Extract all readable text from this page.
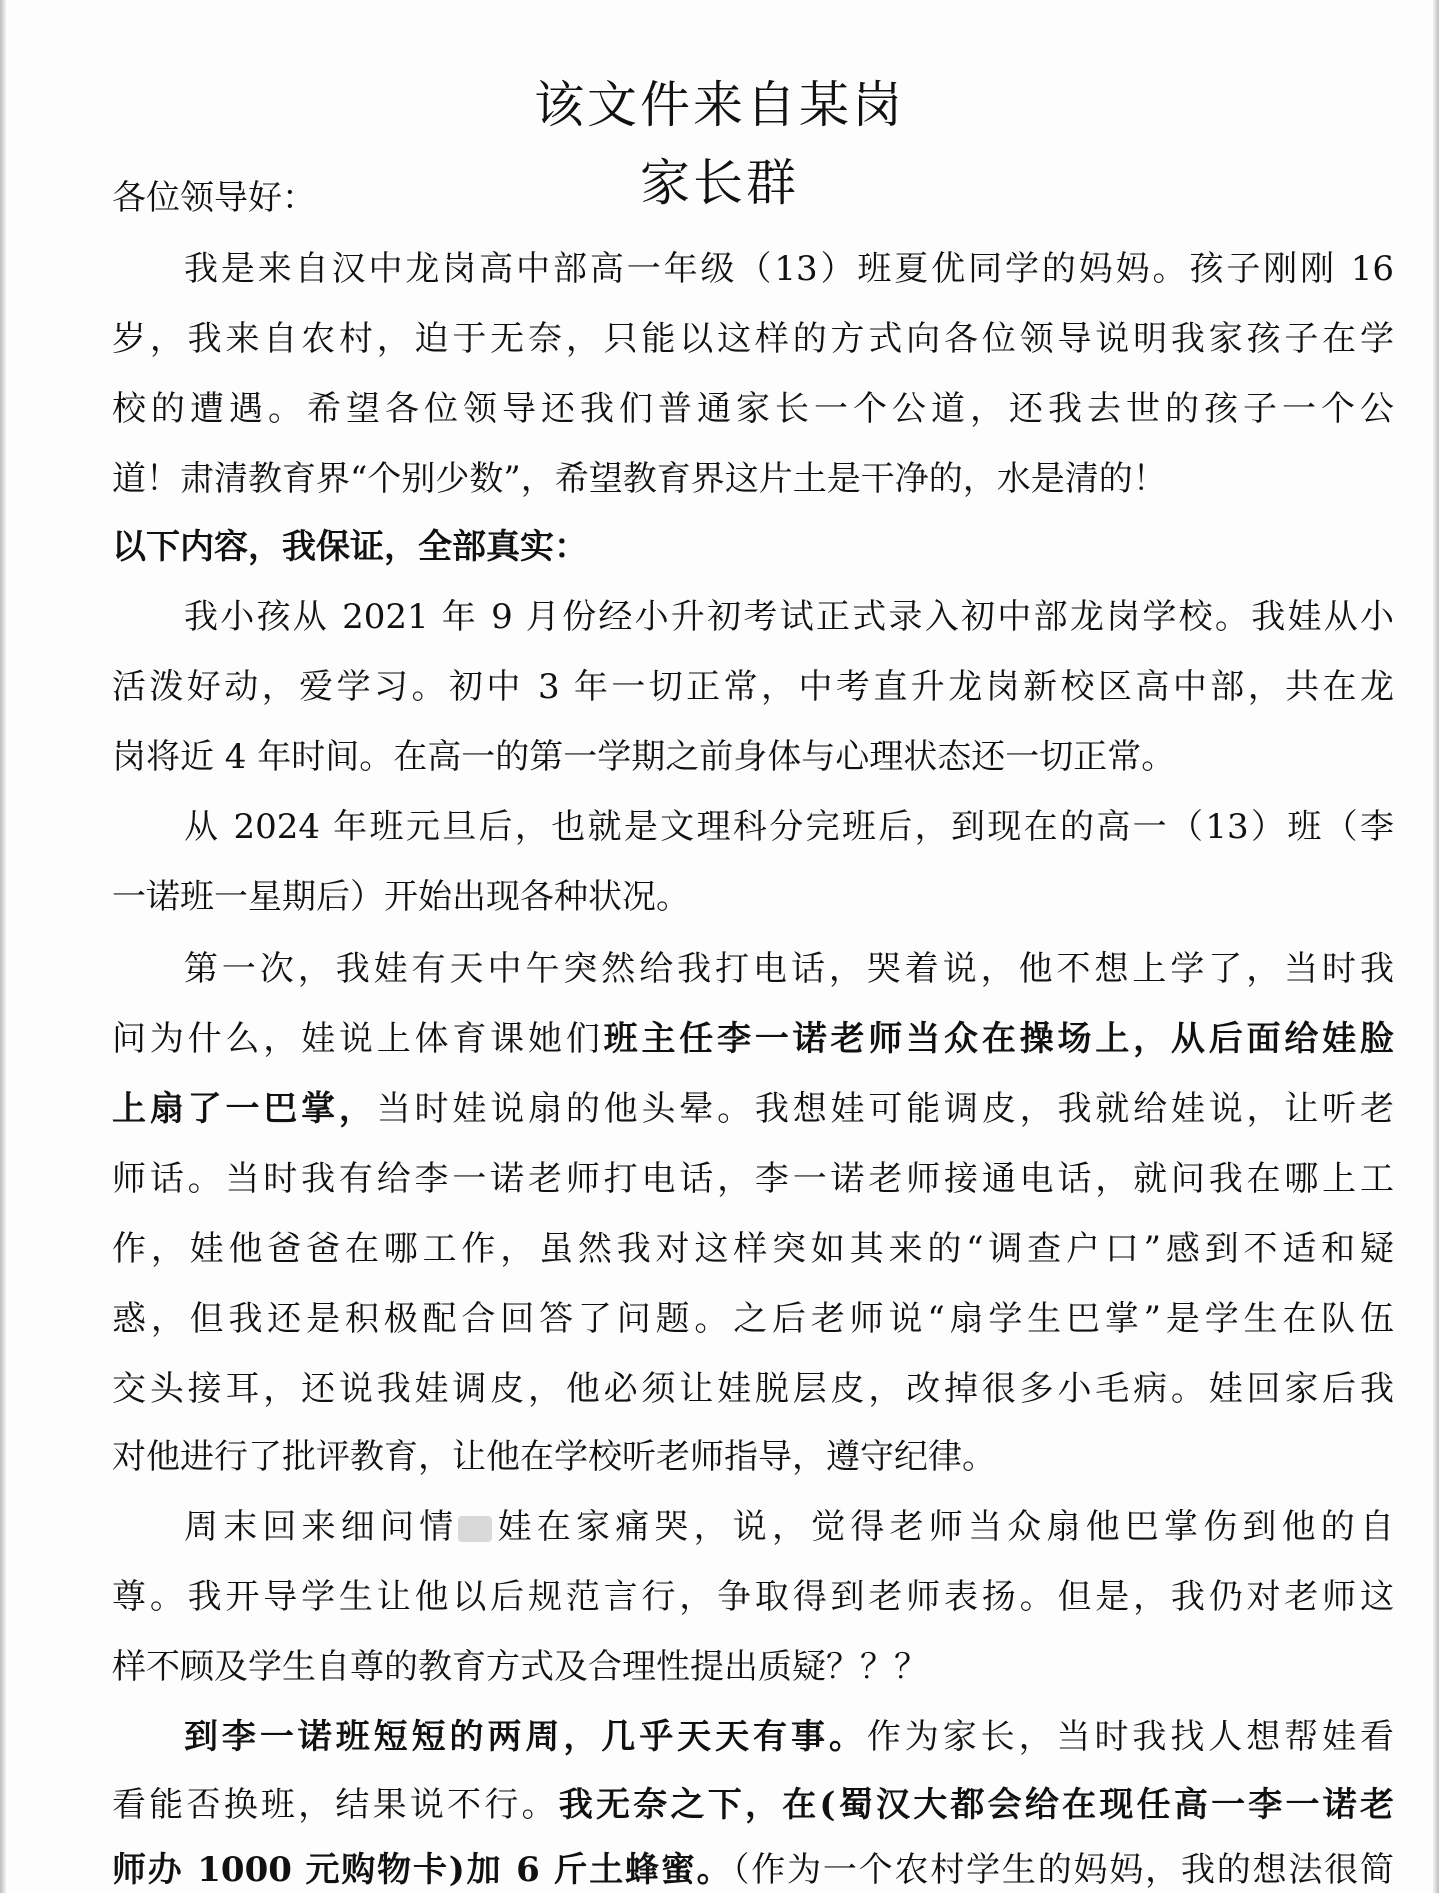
该文件来自某岗
家长群
各位领导好：
我是来自汉中龙岗高中部高一年级（13）班夏优同学的妈妈。孩子刚刚 16
岁，我来自农村，迫于无奈，只能以这样的方式向各位领导说明我家孩子在学
校的遭遇。希望各位领导还我们普通家长一个公道，还我去世的孩子一个公
道！肃清教育界“个别少数”，希望教育界这片土是干净的，水是清的！
以下内容，我保证，全部真实：
我小孩从 2021 年 9 月份经小升初考试正式录入初中部龙岗学校。我娃从小
活泼好动，爱学习。初中 3 年一切正常，中考直升龙岗新校区高中部，共在龙
岗将近 4 年时间。在高一的第一学期之前身体与心理状态还一切正常。
从 2024 年班元旦后，也就是文理科分完班后，到现在的高一（13）班（李
一诺班一星期后）开始出现各种状况。
第一次，我娃有天中午突然给我打电话，哭着说，他不想上学了，当时我
问为什么，娃说上体育课她们班主任李一诺老师当众在操场上，从后面给娃脸
上扇了一巴掌，当时娃说扇的他头晕。我想娃可能调皮，我就给娃说，让听老
师话。当时我有给李一诺老师打电话，李一诺老师接通电话，就问我在哪上工
作，娃他爸爸在哪工作，虽然我对这样突如其来的“调查户口”感到不适和疑
惑，但我还是积极配合回答了问题。之后老师说“扇学生巴掌”是学生在队伍
交头接耳，还说我娃调皮，他必须让娃脱层皮，改掉很多小毛病。娃回家后我
对他进行了批评教育，让他在学校听老师指导，遵守纪律。
周末回来细问情 娃在家痛哭，说，觉得老师当众扇他巴掌伤到他的自
尊。我开导学生让他以后规范言行，争取得到老师表扬。但是，我仍对老师这
样不顾及学生自尊的教育方式及合理性提出质疑？？？
到李一诺班短短的两周，几乎天天有事。作为家长，当时我找人想帮娃看
看能否换班，结果说不行。我无奈之下，在(蜀汉大都会给在现任高一李一诺老
师办 1000 元购物卡)加 6 斤土蜂蜜。（作为一个农村学生的妈妈，我的想法很简
